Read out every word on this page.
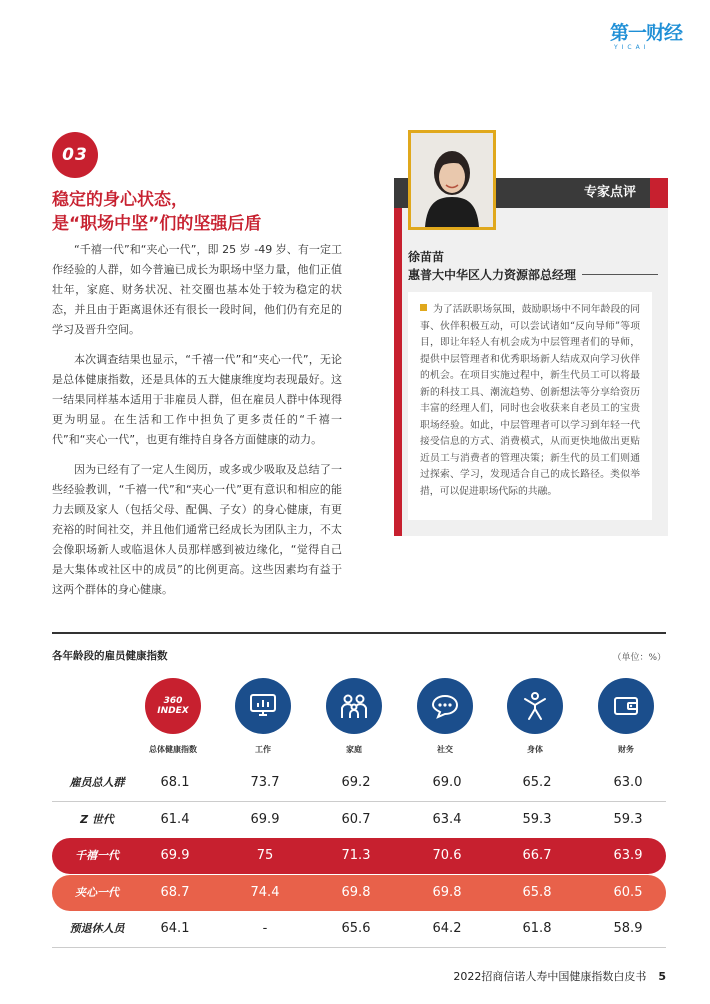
第一财经
YICAI
03
稳定的身心状态，
是“职场中坚”们的坚强后盾

“千禧一代”和“夹心一代”，即 25 岁 -49 岁、有一定工作经验的人群，如今普遍已成长为职场中坚力量，他们正值壮年，家庭、财务状况、社交圈也基本处于较为稳定的状态，并且由于距离退休还有很长一段时间，他们仍有充足的学习及晋升空间。

本次调查结果也显示，“千禧一代”和“夹心一代”，无论是总体健康指数，还是具体的五大健康维度均表现最好。这一结果同样基本适用于非雇员人群，但在雇员人群中体现得更为明显。在生活和工作中担负了更多责任的“千禧一代”和“夹心一代”，也更有维持自身各方面健康的动力。

因为已经有了一定人生阅历，或多或少吸取及总结了一些经验教训，“千禧一代”和“夹心一代”更有意识和相应的能力去顾及家人（包括父母、配偶、子女）的身心健康，有更充裕的时间社交，并且他们通常已经成长为团队主力，不太会像职场新人或临退休人员那样感到被边缘化，“觉得自己是大集体或社区中的成员”的比例更高。这些因素均有益于这两个群体的身心健康。

专家点评
徐苗苗
惠普大中华区人力资源部总经理
为了活跃职场氛围，鼓励职场中不同年龄段的同事、伙伴积极互动，可以尝试诸如“反向导师”等项目，即让年轻人有机会成为中层管理者们的导师，提供中层管理者和优秀职场新人结成双向学习伙伴的机会。在项目实施过程中，新生代员工可以将最新的科技工具、潮流趋势、创新想法等分享给资历丰富的经理人们，同时也会收获来自老员工的宝贵职场经验。如此，中层管理者可以学习到年轻一代接受信息的方式、消费模式，从而更快地做出更贴近员工与消费者的管理决策；新生代的员工们则通过探索、学习，发现适合自己的成长路径。类似举措，可以促进职场代际的共融。
各年龄段的雇员健康指数	（单位：%）
360
INDEX
总体健康指数	工作	家庭	社交	身体	财务
雇员总人群	68.1	73.7	69.2	69.0	65.2	63.0
Z 世代	61.4	69.9	60.7	63.4	59.3	59.3
千禧一代	69.9	75	71.3	70.6	66.7	63.9
夹心一代	68.7	74.4	69.8	69.8	65.8	60.5
预退休人员	64.1	-	65.6	64.2	61.8	58.9
2022招商信诺人寿中国健康指数白皮书 5
